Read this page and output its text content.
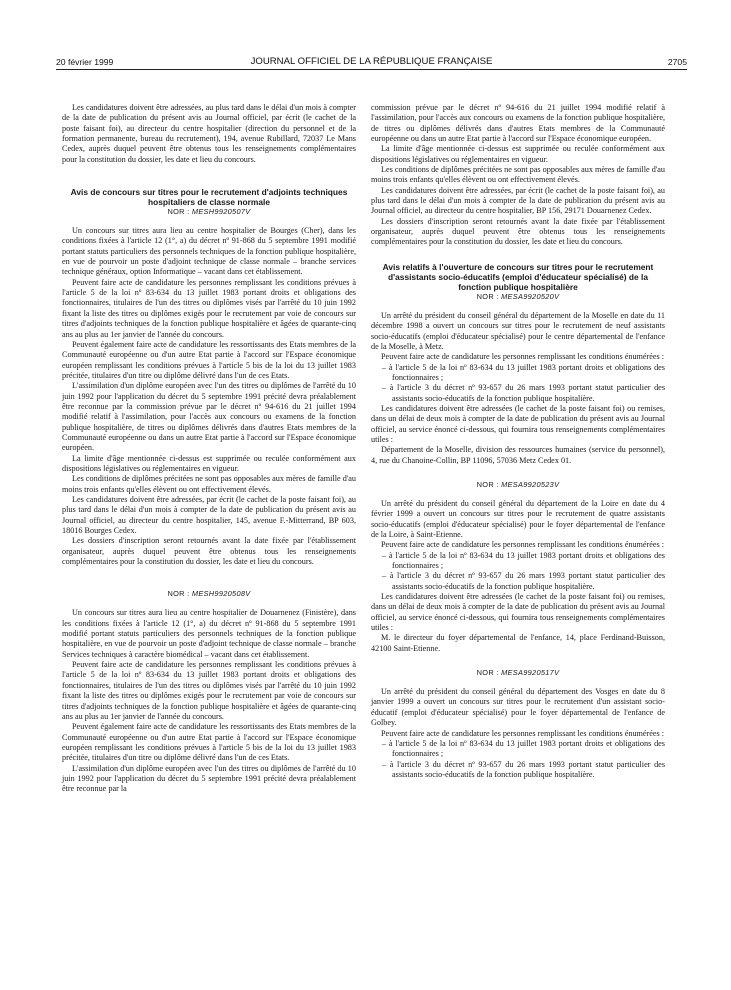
20 février 1999	JOURNAL OFFICIEL DE LA RÉPUBLIQUE FRANÇAISE	2705

Les candidatures doivent être adressées, au plus tard dans le délai d'un mois à compter de la date de publication du présent avis au Journal officiel, par écrit (le cachet de la poste faisant foi), au directeur du centre hospitalier (direction du personnel et de la formation permanente, bureau du recrutement), 194, avenue Rubillard, 72037 Le Mans Cedex, auprès duquel peuvent être obtenus tous les renseignements complémentaires pour la constitution du dossier, les date et lieu du concours.

Avis de concours sur titres pour le recrutement d'adjoints techniques hospitaliers de classe normale
NOR : MESH9920507V

Un concours sur titres aura lieu au centre hospitalier de Bourges (Cher), dans les conditions fixées à l'article 12 (1°, a) du décret nº 91-868 du 5 septembre 1991 modifié portant statuts particuliers des personnels techniques de la fonction publique hospitalière, en vue de pourvoir un poste d'adjoint technique de classe normale – branche services technique généraux, option Informatique – vacant dans cet établissement.

Peuvent faire acte de candidature les personnes remplissant les conditions prévues à l'article 5 de la loi nº 83-634 du 13 juillet 1983 portant droits et obligations des fonctionnaires, titulaires de l'un des titres ou diplômes visés par l'arrêté du 10 juin 1992 fixant la liste des titres ou diplômes exigés pour le recrutement par voie de concours sur titres d'adjoints techniques de la fonction publique hospitalière et âgées de quarante-cinq ans au plus au 1er janvier de l'année du concours.

Peuvent également faire acte de candidature les ressortissants des Etats membres de la Communauté européenne ou d'un autre Etat partie à l'accord sur l'Espace économique européen remplissant les conditions prévues à l'article 5 bis de la loi du 13 juillet 1983 précitée, titulaires d'un titre ou diplôme délivré dans l'un de ces Etats.

L'assimilation d'un diplôme européen avec l'un des titres ou diplômes de l'arrêté du 10 juin 1992 pour l'application du décret du 5 septembre 1991 précité devra préalablement être reconnue par la commission prévue par le décret nº 94-616 du 21 juillet 1994 modifié relatif à l'assimilation, pour l'accès aux concours ou examens de la fonction publique hospitalière, de titres ou diplômes délivrés dans d'autres Etats membres de la Communauté européenne ou dans un autre Etat partie à l'accord sur l'Espace économique européen.

La limite d'âge mentionnée ci-dessus est supprimée ou reculée conformément aux dispositions législatives ou réglementaires en vigueur.

Les conditions de diplômes précitées ne sont pas opposables aux mères de famille d'au moins trois enfants qu'elles élèvent ou ont effectivement élevés.

Les candidatures doivent être adressées, par écrit (le cachet de la poste faisant foi), au plus tard dans le délai d'un mois à compter de la date de publication du présent avis au Journal officiel, au directeur du centre hospitalier, 145, avenue F.-Mitterrand, BP 603, 18016 Bourges Cedex.

Les dossiers d'inscription seront retournés avant la date fixée par l'établissement organisateur, auprès duquel peuvent être obtenus tous les renseignements complémentaires pour la constitution du dossier, les date et lieu du concours.

NOR : MESH9920508V

Un concours sur titres aura lieu au centre hospitalier de Douarnenez (Finistère), dans les conditions fixées à l'article 12 (1°, a) du décret nº 91-868 du 5 septembre 1991 modifié portant statuts particuliers des personnels techniques de la fonction publique hospitalière, en vue de pourvoir un poste d'adjoint technique de classe normale – branche Services techniques à caractère biomédical – vacant dans cet établissement.

Peuvent faire acte de candidature les personnes remplissant les conditions prévues à l'article 5 de la loi nº 83-634 du 13 juillet 1983 portant droits et obligations des fonctionnaires, titulaires de l'un des titres ou diplômes visés par l'arrêté du 10 juin 1992 fixant la liste des titres ou diplômes exigés pour le recrutement par voie de concours sur titres d'adjoints techniques de la fonction publique hospitalière et âgées de quarante-cinq ans au plus au 1er janvier de l'année du concours.

Peuvent également faire acte de candidature les ressortissants des Etats membres de la Communauté européenne ou d'un autre Etat partie à l'accord sur l'Espace économique européen remplissant les conditions prévues à l'article 5 bis de la loi du 13 juillet 1983 précitée, titulaires d'un titre ou diplôme délivré dans l'un de ces Etats.

L'assimilation d'un diplôme européen avec l'un des titres ou diplômes de l'arrêté du 10 juin 1992 pour l'application du décret du 5 septembre 1991 précité devra préalablement être reconnue par la

commission prévue par le décret nº 94-616 du 21 juillet 1994 modifié relatif à l'assimilation, pour l'accès aux concours ou examens de la fonction publique hospitalière, de titres ou diplômes délivrés dans d'autres Etats membres de la Communauté européenne ou dans un autre Etat partie à l'accord sur l'Espace économique européen.

La limite d'âge mentionnée ci-dessus est supprimée ou reculée conformément aux dispositions législatives ou réglementaires en vigueur.

Les conditions de diplômes précitées ne sont pas opposables aux mères de famille d'au moins trois enfants qu'elles élèvent ou ont effectivement élevés.

Les candidatures doivent être adressées, par écrit (le cachet de la poste faisant foi), au plus tard dans le délai d'un mois à compter de la date de publication du présent avis au Journal officiel, au directeur du centre hospitalier, BP 156, 29171 Douarnenez Cedex.

Les dossiers d'inscription seront retournés avant la date fixée par l'établissement organisateur, auprès duquel peuvent être obtenus tous les renseignements complémentaires pour la constitution du dossier, les date et lieu du concours.

Avis relatifs à l'ouverture de concours sur titres pour le recrutement d'assistants socio-éducatifs (emploi d'éducateur spécialisé) de la fonction publique hospitalière
NOR : MESA9920520V

Un arrêté du président du conseil général du département de la Moselle en date du 11 décembre 1998 a ouvert un concours sur titres pour le recrutement de neuf assistants socio-éducatifs (emploi d'éducateur spécialisé) pour le centre départemental de l'enfance de la Moselle, à Metz.

Peuvent faire acte de candidature les personnes remplissant les conditions énumérées :

– à l'article 5 de la loi nº 83-634 du 13 juillet 1983 portant droits et obligations des fonctionnaires ;
– à l'article 3 du décret nº 93-657 du 26 mars 1993 portant statut particulier des assistants socio-éducatifs de la fonction publique hospitalière.

Les candidatures doivent être adressées (le cachet de la poste faisant foi) ou remises, dans un délai de deux mois à compter de la date de publication du présent avis au Journal officiel, au service énoncé ci-dessous, qui fournira tous renseignements complémentaires utiles :

Département de la Moselle, division des ressources humaines (service du personnel), 4, rue du Chanoine-Collin, BP 11096, 57036 Metz Cedex 01.

NOR : MESA9920523V

Un arrêté du président du conseil général du département de la Loire en date du 4 février 1999 a ouvert un concours sur titres pour le recrutement de quatre assistants socio-éducatifs (emploi d'éducateur spécialisé) pour le foyer départemental de l'enfance de la Loire, à Saint-Etienne.

Peuvent faire acte de candidature les personnes remplissant les conditions énumérées :

– à l'article 5 de la loi nº 83-634 du 13 juillet 1983 portant droits et obligations des fonctionnaires ;
– à l'article 3 du décret nº 93-657 du 26 mars 1993 portant statut particulier des assistants socio-éducatifs de la fonction publique hospitalière.

Les candidatures doivent être adressées (le cachet de la poste faisant foi) ou remises, dans un délai de deux mois à compter de la date de publication du présent avis au Journal officiel, au service énoncé ci-dessous, qui fournira tous renseignements complémentaires utiles :

M. le directeur du foyer départemental de l'enfance, 14, place Ferdinand-Buisson, 42100 Saint-Etienne.

NOR : MESA9920517V

Un arrêté du président du conseil général du département des Vosges en date du 8 janvier 1999 a ouvert un concours sur titres pour le recrutement d'un assistant socio-éducatif (emploi d'éducateur spécialisé) pour le foyer départemental de l'enfance de Golbey.

Peuvent faire acte de candidature les personnes remplissant les conditions énumérées :

– à l'article 5 de la loi nº 83-634 du 13 juillet 1983 portant droits et obligations des fonctionnaires ;
– à l'article 3 du décret nº 93-657 du 26 mars 1993 portant statut particulier des assistants socio-éducatifs de la fonction publique hospitalière.
